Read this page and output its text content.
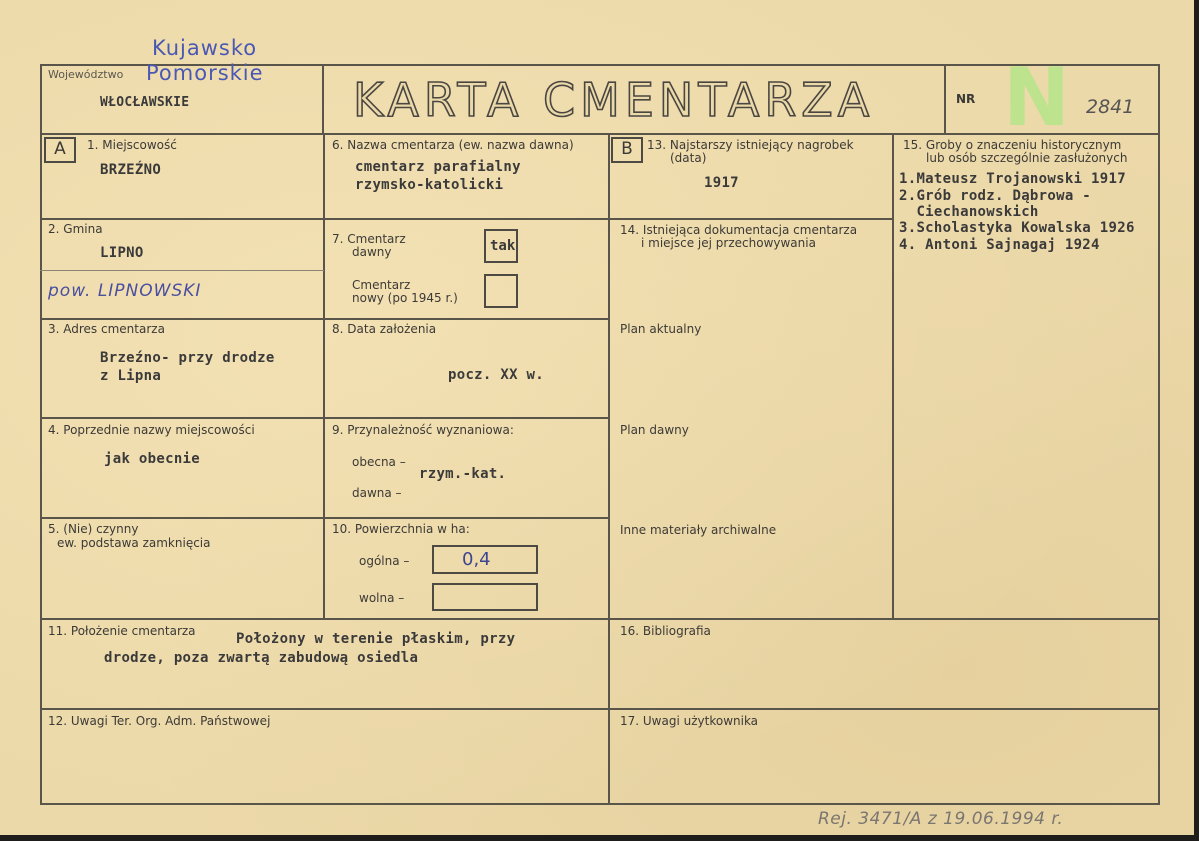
Województwo
WŁOCŁAWSKIE
Kujawsko
Pomorskie KARTA CMENTARZA N
NR	2841
A	B
1. Miejscowość
BRZEŹNO
2. Gmina
LIPNO
pow. LIPNOWSKI
3. Adres cmentarza
Brzeźno- przy drodze
z Lipna
4. Poprzednie nazwy miejscowości
jak obecnie
5. (Nie) czynny
ew. podstawa zamknięcia
6. Nazwa cmentarza (ew. nazwa dawna)
cmentarz parafialny
rzymsko-katolicki
7. Cmentarz
dawny	tak
Cmentarz
nowy (po 1945 r.)
8. Data założenia
pocz. XX w.
9. Przynależność wyznaniowa:
obecna –
rzym.-kat.
dawna –
10. Powierzchnia w ha:
ogólna –	0,4
wolna –
11. Położenie cmentarza	Położony w terenie płaskim, przy
drodze, poza zwartą zabudową osiedla
12. Uwagi Ter. Org. Adm. Państwowej
13. Najstarszy istniejący nagrobek
(data)
1917
14. Istniejąca dokumentacja cmentarza
i miejsce jej przechowywania
Plan aktualny
Plan dawny
Inne materiały archiwalne
15. Groby o znaczeniu historycznym
lub osób szczególnie zasłużonych
1.Mateusz Trojanowski 1917
2.Grób rodz. Dąbrowa -
Ciechanowskich
3.Scholastyka Kowalska 1926
4. Antoni Sajnagaj 1924
16. Bibliografia
17. Uwagi użytkownika
Rej. 3471/A z 19.06.1994 r.
